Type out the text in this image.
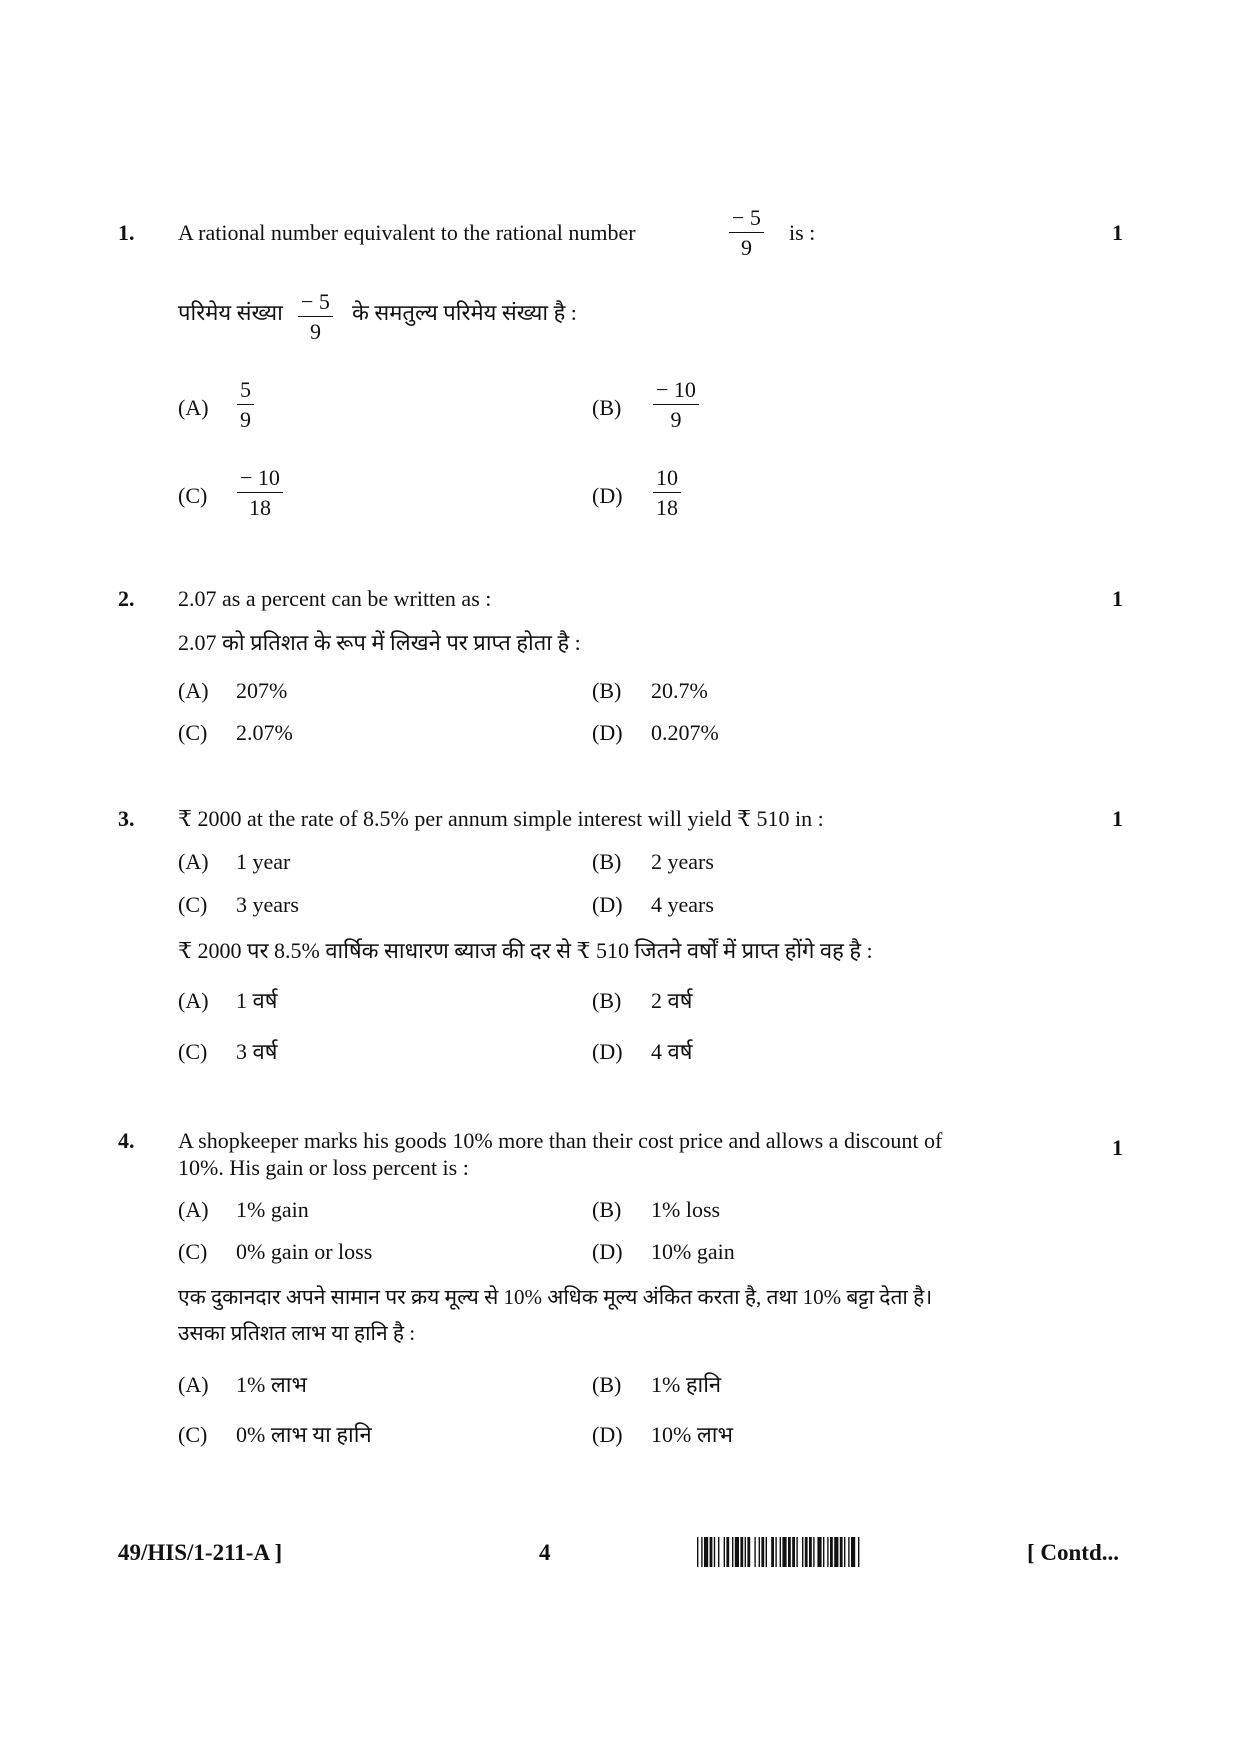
1. A rational number equivalent to the rational number	$\frac{- 5}{9}$ is :	1
परिमेय संख्या $\frac{- 5}{9}$ के समतुल्य परिमेय संख्या है :
$(A) \frac{5}{9}$	$(B) \frac{- 10}{9}$
$(C) \frac{- 10}{18}$	$(D) \frac{10}{18}$
2. 2.07 as a percent can be written as :	1
2.07 को प्रतिशत के रूप में लिखने पर प्राप्त होता है :
(A) 207%	(B) 20.7%
(C) 2.07%	(D) 0.207%
3. ₹ 2000 at the rate of 8.5% per annum simple interest will yield ₹ 510 in :	1
(A) 1 year	(B) 2 years
(C) 3 years	(D) 4 years
₹ 2000 पर 8.5% वार्षिक साधारण ब्याज की दर से ₹ 510 जितने वर्षों में प्राप्त होंगे वह है :
(A) 1 वर्ष	(B) 2 वर्ष
(C) 3 वर्ष	(D) 4 वर्ष
4. A shopkeeper marks his goods 10% more than their cost price and allows a discount of	1
10%. His gain or loss percent is :
(A) 1% gain	(B) 1% loss
(C) 0% gain or loss	(D) 10% gain
एक दुकानदार अपने सामान पर क्रय मूल्य से 10% अधिक मूल्य अंकित करता है, तथा 10% बट्टा देता है।
उसका प्रतिशत लाभ या हानि है :
(A) 1% लाभ	(B) 1% हानि
(C) 0% लाभ या हानि	(D) 10% लाभ
49/HIS/1-211-A ]	4	[ Contd...
